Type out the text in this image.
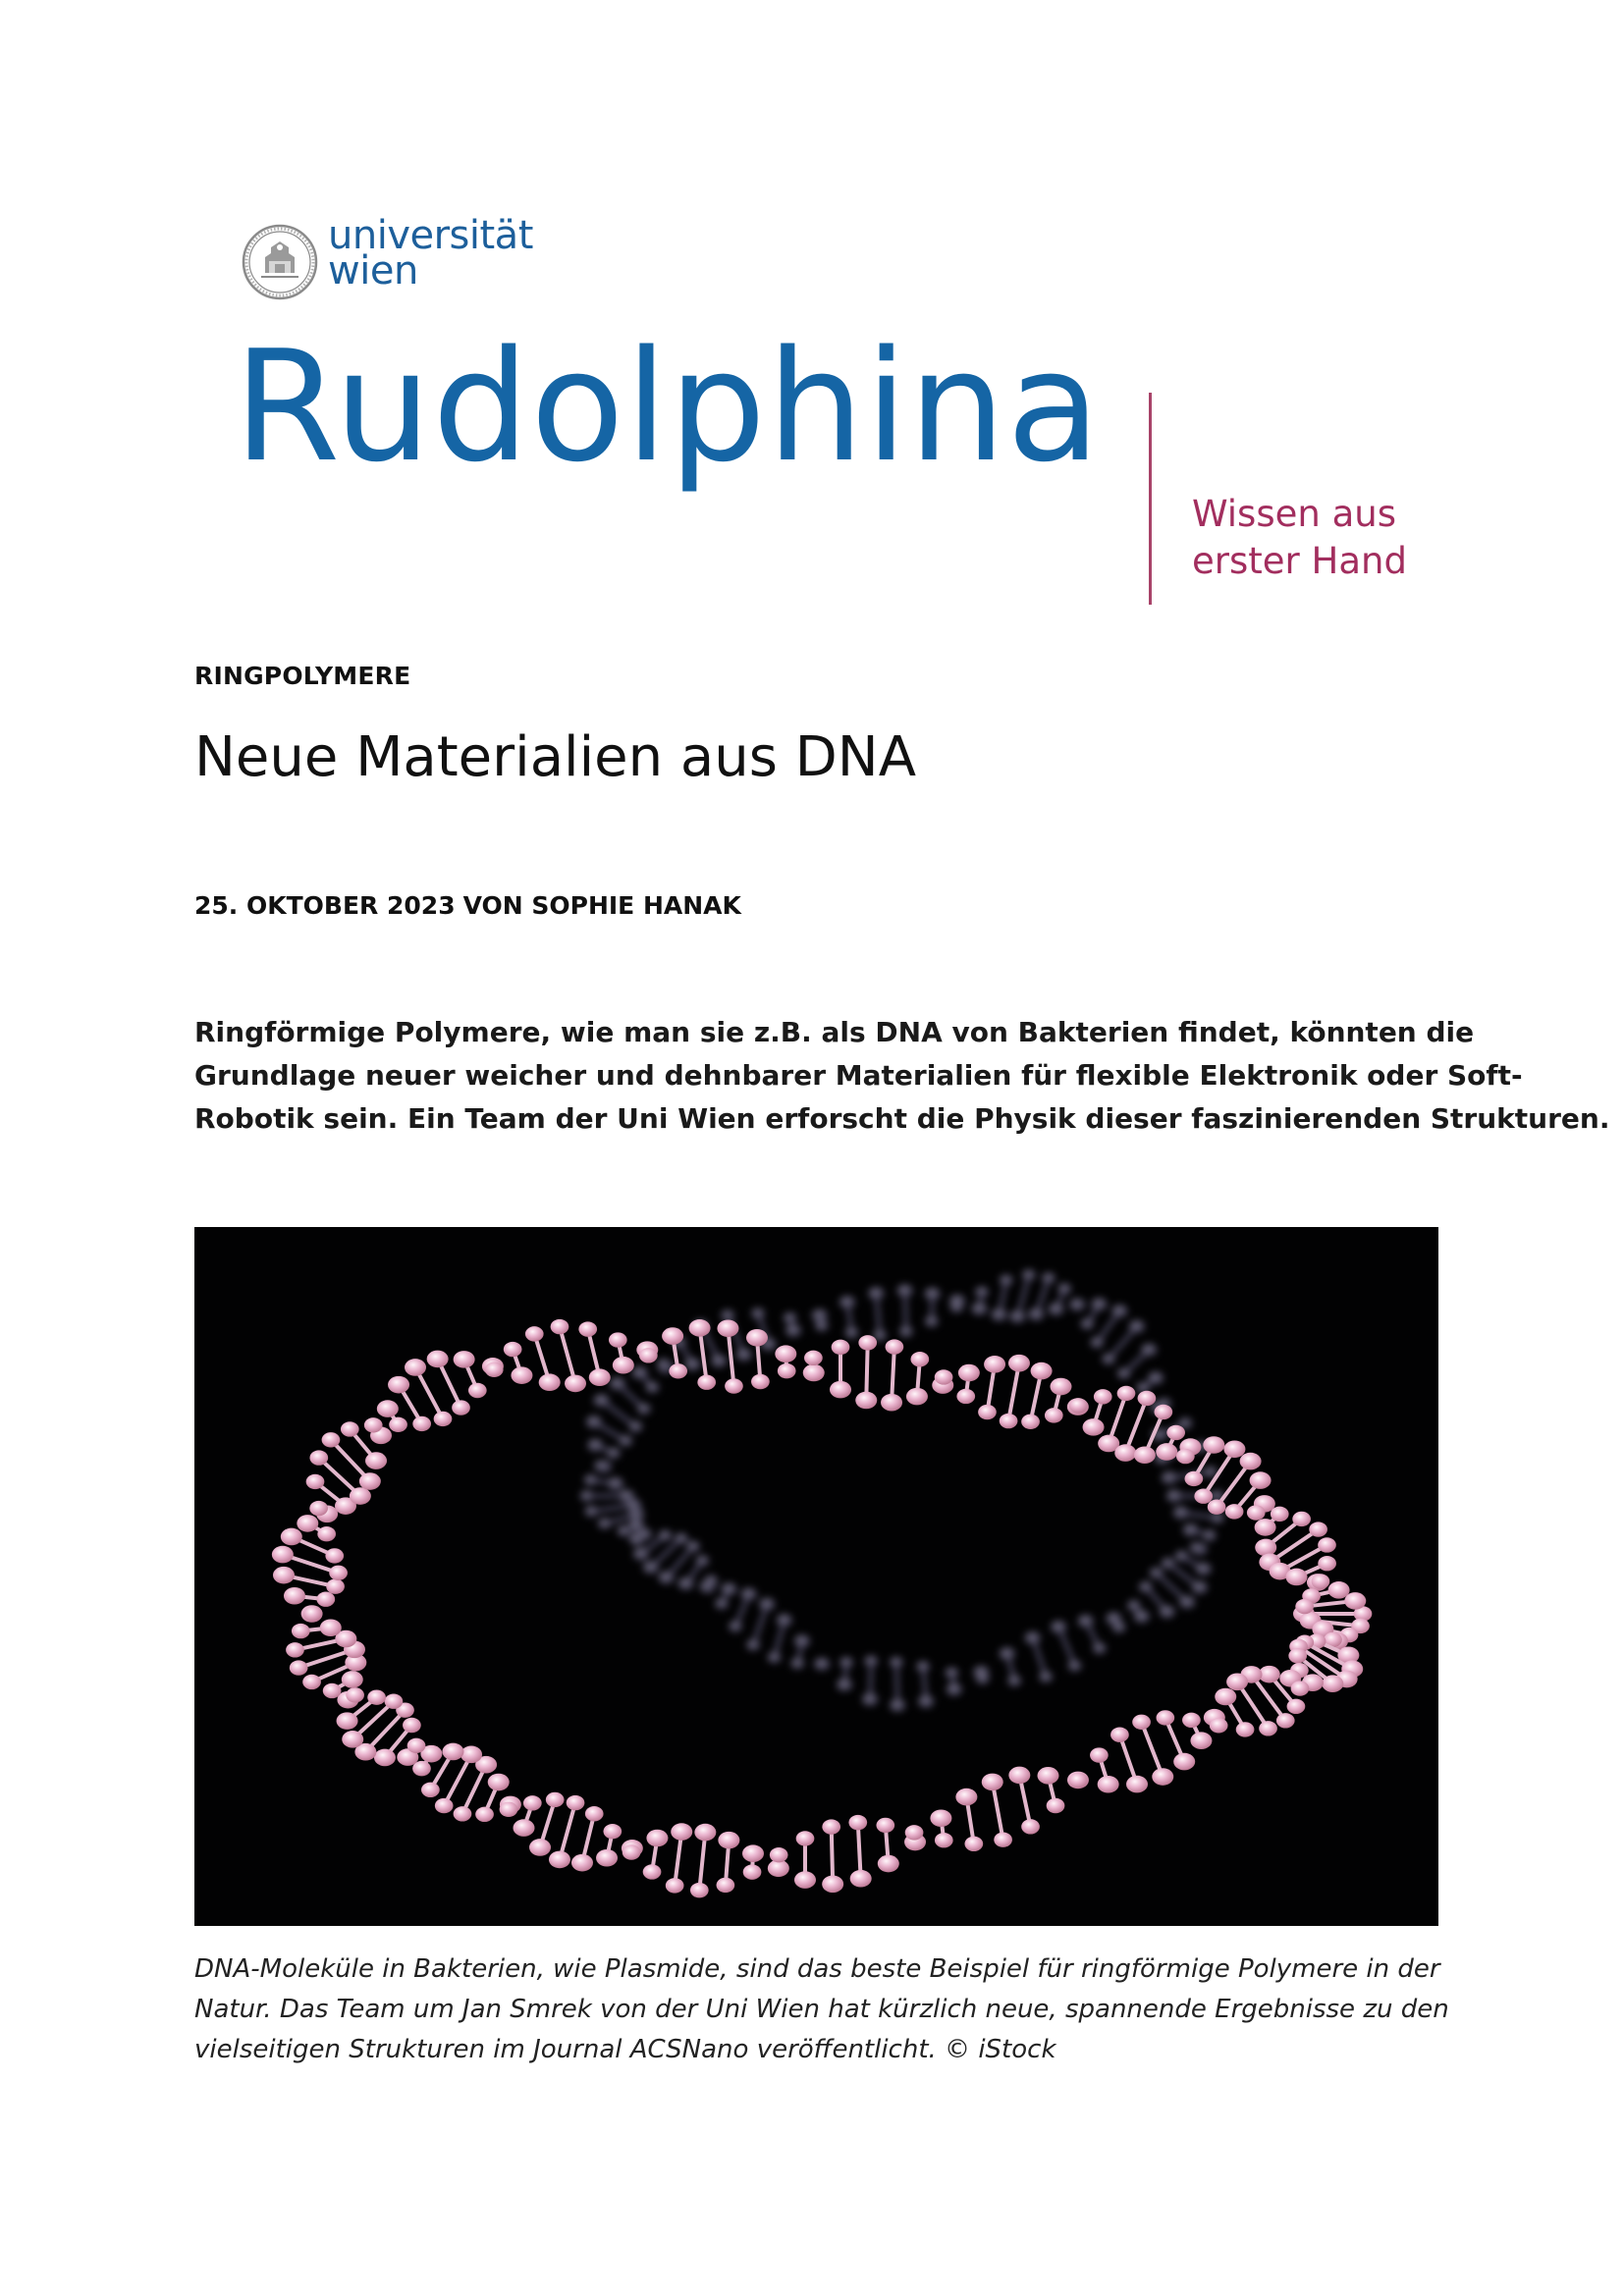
universität
wien
Rudolphina
Wissen aus
erster Hand
RINGPOLYMERE
Neue Materialien aus DNA
25. OKTOBER 2023 VON SOPHIE HANAK
Ringförmige Polymere, wie man sie z.B. als DNA von Bakterien findet, könnten die
Grundlage neuer weicher und dehnbarer Materialien für flexible Elektronik oder Soft-
Robotik sein. Ein Team der Uni Wien erforscht die Physik dieser faszinierenden Strukturen.
DNA-Moleküle in Bakterien, wie Plasmide, sind das beste Beispiel für ringförmige Polymere in der
Natur. Das Team um Jan Smrek von der Uni Wien hat kürzlich neue, spannende Ergebnisse zu den
vielseitigen Strukturen im Journal ACSNano veröffentlicht. © iStock
